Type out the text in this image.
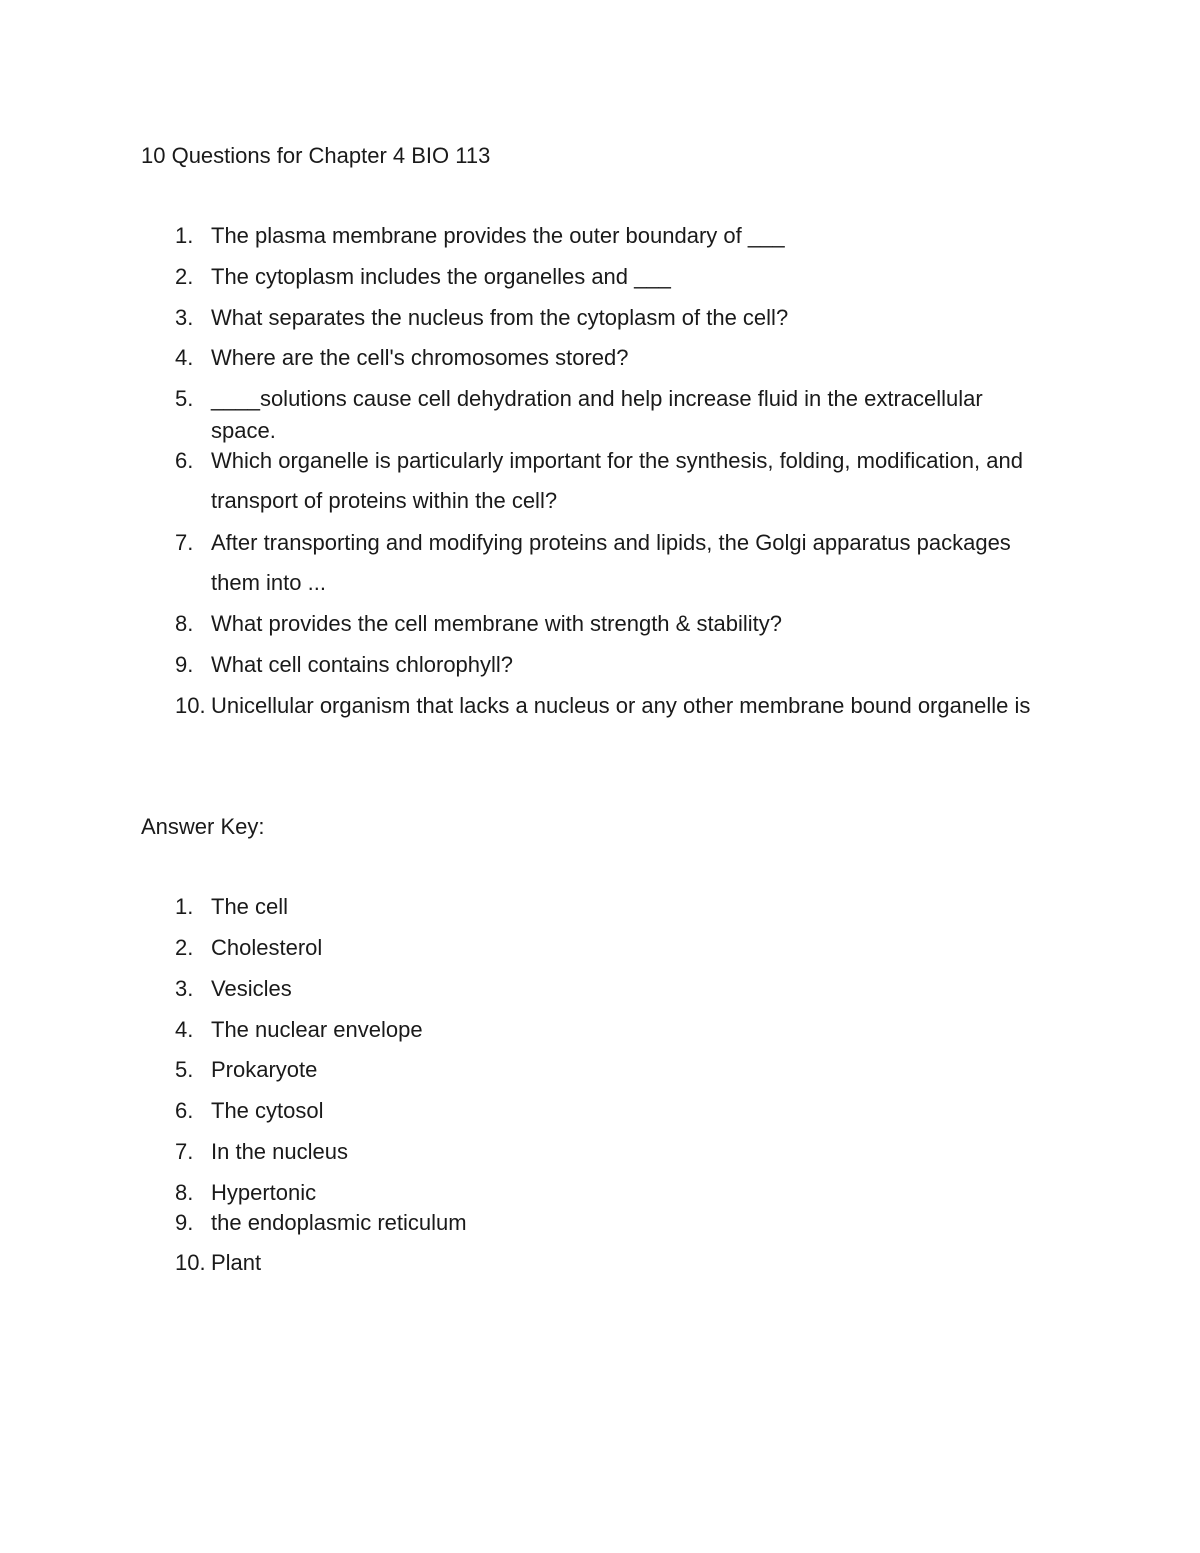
10 Questions for Chapter 4 BIO 113
1. The plasma membrane provides the outer boundary of ___
2. The cytoplasm includes the organelles and ___
3. What separates the nucleus from the cytoplasm of the cell?
4. Where are the cell's chromosomes stored?
5. ____solutions cause cell dehydration and help increase fluid in the extracellular space.
6. Which organelle is particularly important for the synthesis, folding, modification, and transport of proteins within the cell?
7. After transporting and modifying proteins and lipids, the Golgi apparatus packages them into ...
8. What provides the cell membrane with strength & stability?
9. What cell contains chlorophyll?
10. Unicellular organism that lacks a nucleus or any other membrane bound organelle is
Answer Key:
1. The cell
2. Cholesterol
3. Vesicles
4. The nuclear envelope
5. Prokaryote
6. The cytosol
7. In the nucleus
8. Hypertonic
9. the endoplasmic reticulum
10. Plant
